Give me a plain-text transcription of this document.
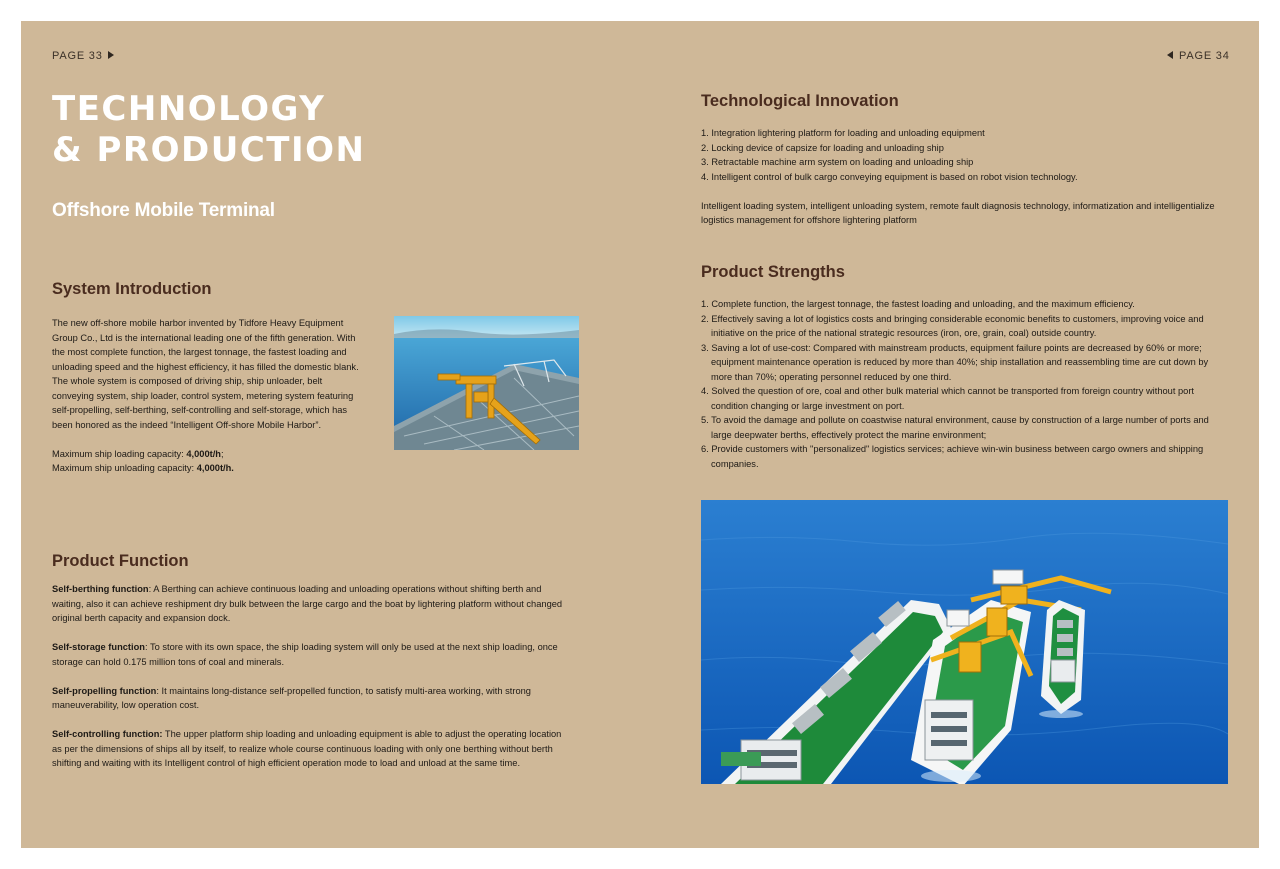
PAGE 33
TECHNOLOGY
& PRODUCTION
Offshore Mobile Terminal
System Introduction

The new off-shore mobile harbor invented by Tidfore Heavy Equipment Group Co., Ltd is the international leading one of the fifth generation. With the most complete function, the largest tonnage, the fastest loading and unloading speed and the highest efficiency, it has filled the domestic blank. The whole system is composed of driving ship, ship unloader, belt conveying system, ship loader, control system, metering system featuring self-propelling, self-berthing, self-controlling and self-storage, which has been honored as the indeed “Intelligent Off-shore Mobile Harbor”.

Maximum ship loading capacity: 4,000t/h;

Maximum ship unloading capacity: 4,000t/h.

Product Function

Self-berthing function: A Berthing can achieve continuous loading and unloading operations without shifting berth and waiting, also it can achieve reshipment dry bulk between the large cargo and the boat by lightering platform without changed original berth capacity and expansion dock.

Self-storage function: To store with its own space, the ship loading system will only be used at the next ship loading, once storage can hold 0.175 million tons of coal and minerals.

Self-propelling function: It maintains long-distance self-propelled function, to satisfy multi-area working, with strong maneuverability, low operation cost.

Self-controlling function: The upper platform ship loading and unloading equipment is able to adjust the operating location as per the dimensions of ships all by itself, to realize whole course continuous loading with only one berthing without berth shifting and waiting with its Intelligent control of high efficient operation mode to load and unload at the same time.

PAGE 34
Technological Innovation
1. Integration lightering platform for loading and unloading equipment
2. Locking device of capsize for loading and unloading ship
3. Retractable machine arm system on loading and unloading ship
4. Intelligent control of bulk cargo conveying equipment is based on robot vision technology.

Intelligent loading system, intelligent unloading system, remote fault diagnosis technology, informatization and intelligentialize logistics management for offshore lightering platform

Product Strengths
1. Complete function, the largest tonnage, the fastest loading and unloading, and the maximum efficiency.
2. Effectively saving a lot of logistics costs and bringing considerable economic benefits to customers, improving voice and initiative on the price of the national strategic resources (iron, ore, grain, coal) outside country.
3. Saving a lot of use-cost: Compared with mainstream products, equipment failure points are decreased by 60% or more; equipment maintenance operation is reduced by more than 40%; ship installation and reassembling time are cut down by more than 70%; operating personnel reduced by one third.
4. Solved the question of ore, coal and other bulk material which cannot be transported from foreign country without port condition changing or large investment on port.
5. To avoid the damage and pollute on coastwise natural environment, cause by construction of a large number of ports and large deepwater berths, effectively protect the marine environment;
6. Provide customers with "personalized" logistics services; achieve win-win business between cargo owners and shipping companies.
